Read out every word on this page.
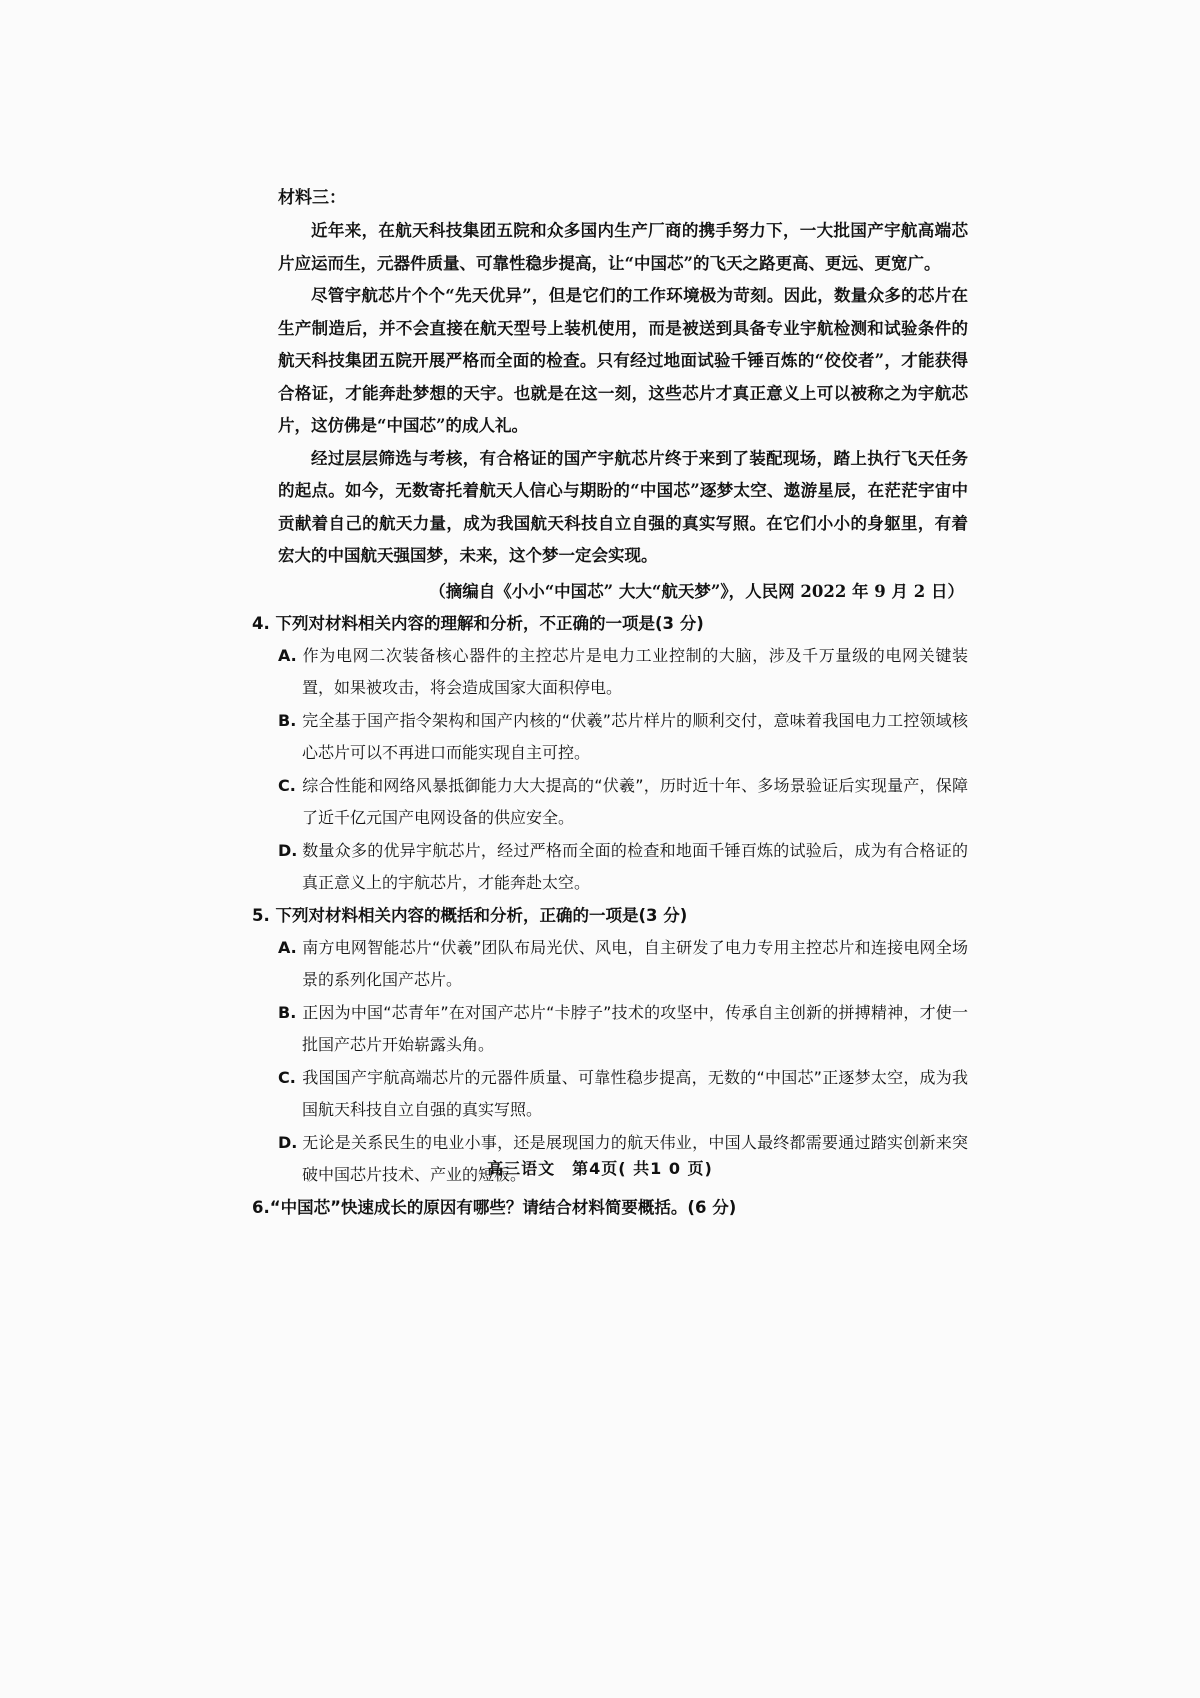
材料三：

近年来，在航天科技集团五院和众多国内生产厂商的携手努力下，一大批国产宇航高端芯片应运而生，元器件质量、可靠性稳步提高，让“中国芯”的飞天之路更高、更远、更宽广。

尽管宇航芯片个个“先天优异”，但是它们的工作环境极为苛刻。因此，数量众多的芯片在生产制造后，并不会直接在航天型号上装机使用，而是被送到具备专业宇航检测和试验条件的航天科技集团五院开展严格而全面的检查。只有经过地面试验千锤百炼的“佼佼者”，才能获得合格证，才能奔赴梦想的天宇。也就是在这一刻，这些芯片才真正意义上可以被称之为宇航芯片，这仿佛是“中国芯”的成人礼。

经过层层筛选与考核，有合格证的国产宇航芯片终于来到了装配现场，踏上执行飞天任务的起点。如今，无数寄托着航天人信心与期盼的“中国芯”逐梦太空、遨游星辰，在茫茫宇宙中贡献着自己的航天力量，成为我国航天科技自立自强的真实写照。在它们小小的身躯里，有着宏大的中国航天强国梦，未来，这个梦一定会实现。

（摘编自《小小“中国芯” 大大“航天梦”》，人民网 2022 年 9 月 2 日）

4. 下列对材料相关内容的理解和分析，不正确的一项是(3 分)
A. 作为电网二次装备核心器件的主控芯片是电力工业控制的大脑，涉及千万量级的电网关键装置，如果被攻击，将会造成国家大面积停电。
B. 完全基于国产指令架构和国产内核的“伏羲”芯片样片的顺利交付，意味着我国电力工控领域核心芯片可以不再进口而能实现自主可控。
C. 综合性能和网络风暴抵御能力大大提高的“伏羲”，历时近十年、多场景验证后实现量产，保障了近千亿元国产电网设备的供应安全。
D. 数量众多的优异宇航芯片，经过严格而全面的检查和地面千锤百炼的试验后，成为有合格证的真正意义上的宇航芯片，才能奔赴太空。
5. 下列对材料相关内容的概括和分析，正确的一项是(3 分)
A. 南方电网智能芯片“伏羲”团队布局光伏、风电，自主研发了电力专用主控芯片和连接电网全场景的系列化国产芯片。
B. 正因为中国“芯青年”在对国产芯片“卡脖子”技术的攻坚中，传承自主创新的拼搏精神，才使一批国产芯片开始崭露头角。
C. 我国国产宇航高端芯片的元器件质量、可靠性稳步提高，无数的“中国芯”正逐梦太空，成为我国航天科技自立自强的真实写照。
D. 无论是关系民生的电业小事，还是展现国力的航天伟业，中国人最终都需要通过踏实创新来突破中国芯片技术、产业的短板。
6.“中国芯”快速成长的原因有哪些？请结合材料简要概括。(6 分)
高三语文　第4页( 共1 0 页)
